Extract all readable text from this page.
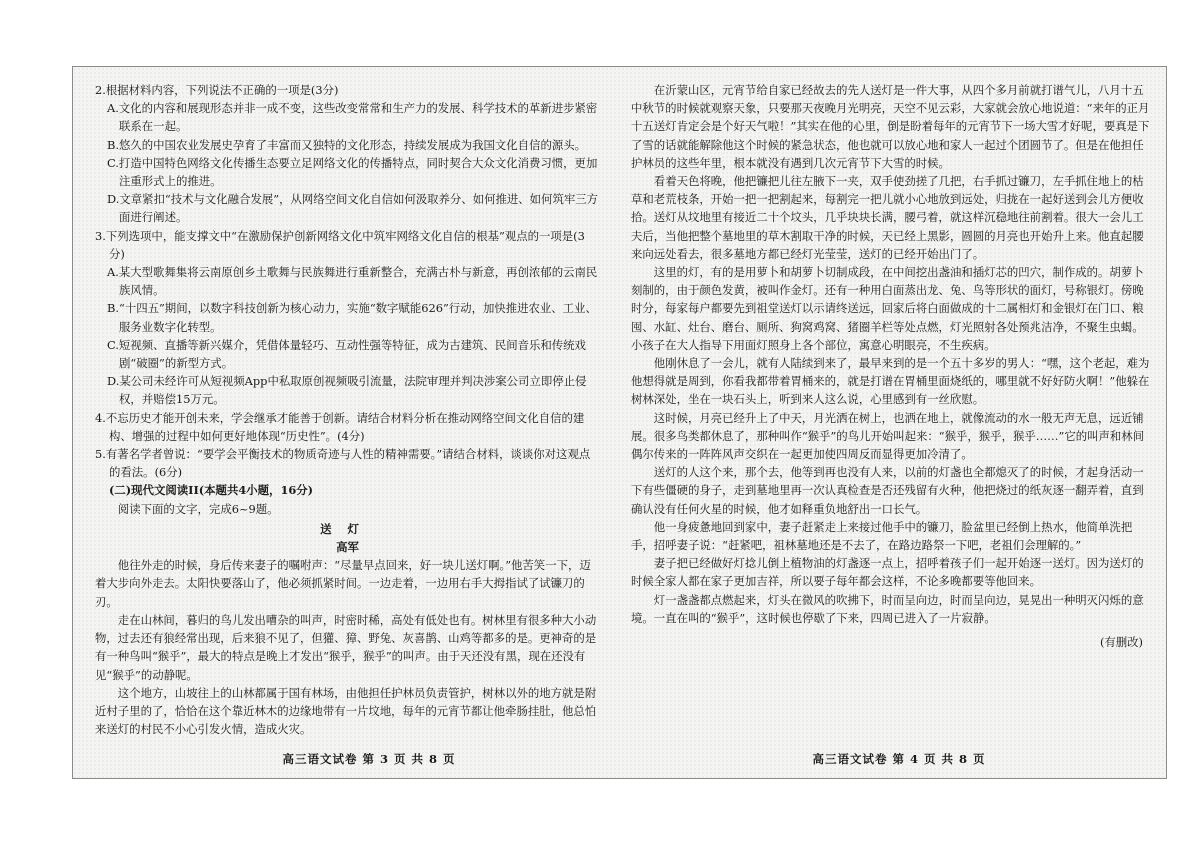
2.根据材料内容，下列说法不正确的一项是(3分)

A.文化的内容和展现形态并非一成不变，这些改变常常和生产力的发展、科学技术的革新进步紧密联系在一起。

B.悠久的中国农业发展史孕育了丰富而又独特的文化形态，持续发展成为我国文化自信的源头。

C.打造中国特色网络文化传播生态要立足网络文化的传播特点，同时契合大众文化消费习惯，更加注重形式上的推进。

D.文章紧扣“技术与文化融合发展”，从网络空间文化自信如何汲取养分、如何推进、如何筑牢三方面进行阐述。

3.下列选项中，能支撑文中“在激励保护创新网络文化中筑牢网络文化自信的根基”观点的一项是(3分)

A.某大型歌舞集将云南原创乡土歌舞与民族舞进行重新整合，充满古朴与新意，再创浓郁的云南民族风情。

B.“十四五”期间，以数字科技创新为核心动力，实施“数字赋能626”行动，加快推进农业、工业、服务业数字化转型。

C.短视频、直播等新兴媒介，凭借体量轻巧、互动性强等特征，成为古建筑、民间音乐和传统戏剧“破圈”的新型方式。

D.某公司未经许可从短视频App中私取原创视频吸引流量，法院审理并判决涉案公司立即停止侵权，并赔偿15万元。

4.不忘历史才能开创未来，学会继承才能善于创新。请结合材料分析在推动网络空间文化自信的建构、增强的过程中如何更好地体现“历史性”。(4分)

5.有著名学者曾说：“要学会平衡技术的物质奇迹与人性的精神需要。”请结合材料，谈谈你对这观点的看法。(6分)

(二)现代文阅读II(本题共4小题，16分)

阅读下面的文字，完成6~9题。

送灯

高军

他往外走的时候，身后传来妻子的嘱咐声：“尽量早点回来，好一块儿送灯啊。”他苦笑一下，迈着大步向外走去。太阳快要落山了，他必须抓紧时间。一边走着，一边用右手大拇指试了试镰刀的刃。

走在山林间，暮归的鸟儿发出嘈杂的叫声，时密时稀，高处有低处也有。树林里有很多种大小动物，过去还有狼经常出现，后来狼不见了，但獾、獐、野兔、灰喜鹊、山鸡等都多的是。更神奇的是有一种鸟叫“猴乎”，最大的特点是晚上才发出“猴乎，猴乎”的叫声。由于天还没有黑，现在还没有见“猴乎”的动静呢。

这个地方，山坡往上的山林都属于国有林场，由他担任护林员负责管护，树林以外的地方就是附近村子里的了，恰恰在这个靠近林木的边缘地带有一片坟地，每年的元宵节都让他牵肠挂肚，他总怕来送灯的村民不小心引发火情，造成火灾。

在沂蒙山区，元宵节给自家已经故去的先人送灯是一件大事，从四个多月前就打谱气儿，八月十五中秋节的时候就观察天象，只要那天夜晚月光明亮，天空不见云彩，大家就会放心地说道：“来年的正月十五送灯肯定会是个好天气啦！”其实在他的心里，倒是盼着每年的元宵节下一场大雪才好呢，要真是下了雪的话就能解除他这个时候的紧急状态，他也就可以放心地和家人一起过个团圆节了。但是在他担任护林员的这些年里，根本就没有遇到几次元宵节下大雪的时候。

看着天色将晚，他把镰把儿往左腋下一夹，双手使劲搓了几把，右手抓过镰刀，左手抓住地上的枯草和老荒枝条，开始一把一把割起来，每割完一把儿就小心地放到远处，归拢在一起好送到会儿方便收拾。送灯从坟地里有接近二十个坟头，几乎块块长满，腰弓着，就这样沉稳地往前割着。很大一会儿工夫后，当他把整个墓地里的草木割取干净的时候，天已经上黑影，圆圆的月亮也开始升上来。他直起腰来向远处看去，很多墓地方都已经灯光莹莹，送灯的已经开始出门了。

这里的灯，有的是用萝卜和胡萝卜切制成段，在中间挖出盏油和插灯芯的凹穴，制作成的。胡萝卜刻制的，由于颜色发黄，被叫作金灯。还有一种用白面蒸出龙、兔、鸟等形状的面灯，号称银灯。傍晚时分，每家每户都要先到祖堂送灯以示请终送远，回家后将白面做成的十二属相灯和金银灯在门口、粮囤、水缸、灶台、磨台、厕所、狗窝鸡窝、猪圈羊栏等处点燃，灯光照射各处预兆洁净，不聚生虫蝎。小孩子在大人指导下用面灯照身上各个部位，寓意心明眼亮，不生疾病。

他刚休息了一会儿，就有人陆续到来了，最早来到的是一个五十多岁的男人：“嘿，这个老起，难为他想得就是周到，你看我都带着胃桶来的，就是打谱在胃桶里面烧纸的，哪里就不好好防火啊！”他躲在树林深处，坐在一块石头上，听到来人这么说，心里感到有一丝欣慰。

这时候，月亮已经升上了中天，月光洒在树上，也洒在地上，就像流动的水一般无声无息，远近铺展。很多鸟类都休息了，那种叫作“猴乎”的鸟儿开始叫起来：“猴乎，猴乎，猴乎……”它的叫声和林间偶尔传来的一阵阵风声交织在一起更加使四周反而显得更加冷清了。

送灯的人这个来，那个去，他等到再也没有人来，以前的灯盏也全都熄灭了的时候，才起身活动一下有些僵硬的身子，走到墓地里再一次认真检查是否还残留有火种，他把烧过的纸灰逐一翻弄着，直到确认没有任何火星的时候，他才如释重负地舒出一口长气。

他一身疲惫地回到家中，妻子赶紧走上来接过他手中的镰刀，脸盆里已经倒上热水，他简单洗把手，招呼妻子说：“赶紧吧，祖林墓地还是不去了，在路边路祭一下吧，老祖们会理解的。”

妻子把已经做好灯捻儿倒上植物油的灯盏逐一点上，招呼着孩子们一起开始逐一送灯。因为送灯的时候全家人都在家子更加吉祥，所以要子每年都会这样，不论多晚都要等他回来。

灯一盏盏都点燃起来，灯头在微风的吹拂下，时而呈向边，时而呈向边，晃晃出一种明灭闪烁的意境。一直在叫的“猴乎”，这时候也停歇了下来，四周已进入了一片寂静。

(有删改)

高三语文试卷 第 3 页 共 8 页	高三语文试卷 第 4 页 共 8 页
